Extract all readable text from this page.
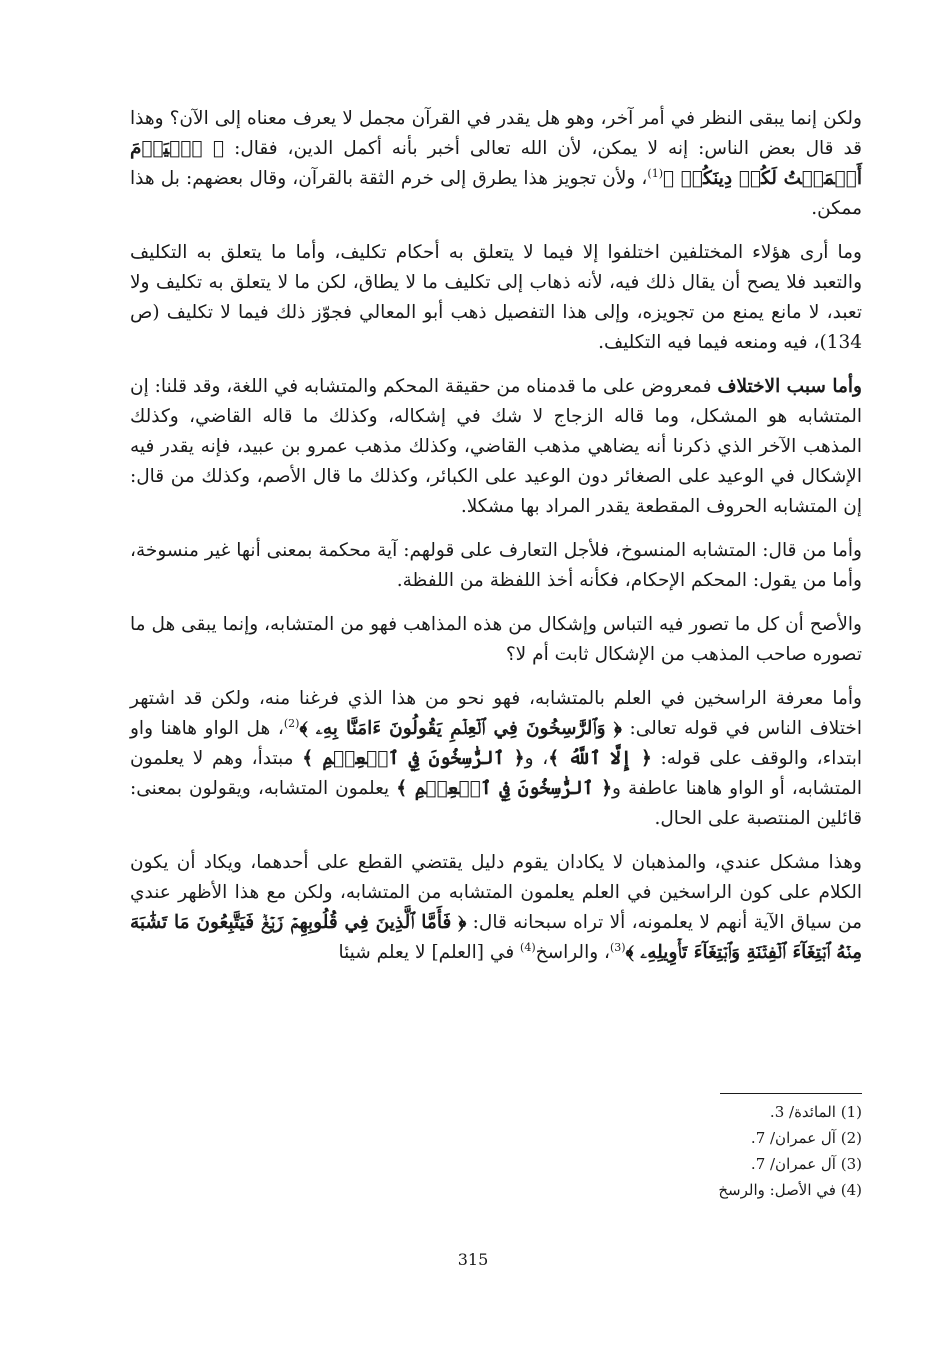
ولكن إنما يبقى النظر في أمر آخر، وهو هل يقدر في القرآن مجمل لا يعرف معناه إلى الآن؟ وهذا قد قال بعض الناس: إنه لا يمكن، لأن الله تعالى أخبر بأنه أكمل الدين، فقال: ﴿ ٱلۡيَوۡمَ أَكۡمَلۡتُ لَكُمۡ دِينَكُمۡ ﴾$^{(1)}$، ولأن تجويز هذا يطرق إلى خرم الثقة بالقرآن، وقال بعضهم: بل هذا ممكن.

وما أرى هؤلاء المختلفين اختلفوا إلا فيما لا يتعلق به أحكام تكليف، وأما ما يتعلق به التكليف والتعبد فلا يصح أن يقال ذلك فيه، لأنه ذهاب إلى تكليف ما لا يطاق، لكن ما لا يتعلق به تكليف ولا تعبد، لا مانع يمنع من تجويزه، وإلى هذا التفصيل ذهب أبو المعالي فجوّز ذلك فيما لا تكليف (ص 134)، فيه ومنعه فيما فيه التكليف.

وأما سبب الاختلاف فمعروض على ما قدمناه من حقيقة المحكم والمتشابه في اللغة، وقد قلنا: إن المتشابه هو المشكل، وما قاله الزجاج لا شك في إشكاله، وكذلك ما قاله القاضي، وكذلك المذهب الآخر الذي ذكرنا أنه يضاهي مذهب القاضي، وكذلك مذهب عمرو بن عبيد، فإنه يقدر فيه الإشكال في الوعيد على الصغائر دون الوعيد على الكبائر، وكذلك ما قال الأصم، وكذلك من قال: إن المتشابه الحروف المقطعة يقدر المراد بها مشكلا.

وأما من قال: المتشابه المنسوخ، فلأجل التعارف على قولهم: آية محكمة بمعنى أنها غير منسوخة، وأما من يقول: المحكم الإحكام، فكأنه أخذ اللفظة من اللفظة.

والأصح أن كل ما تصور فيه التباس وإشكال من هذه المذاهب فهو من المتشابه، وإنما يبقى هل ما تصوره صاحب المذهب من الإشكال ثابت أم لا؟

وأما معرفة الراسخين في العلم بالمتشابه، فهو نحو من هذا الذي فرغنا منه، ولكن قد اشتهر اختلاف الناس في قوله تعالى: ﴿ وَٱلرَّٰسِخُونَ فِي ٱلۡعِلۡمِ يَقُولُونَ ءَامَنَّا بِهِۦ ﴾$^{(2)}$، هل الواو هاهنا واو ابتداء، والوقف على قوله: ﴿ إِلَّا ٱللَّهُ ﴾، و﴿ ٱلرَّٰسِخُونَ فِي ٱلۡعِلۡمِ ﴾ مبتدأ، وهم لا يعلمون المتشابه، أو الواو هاهنا عاطفة و﴿ ٱلرَّٰسِخُونَ فِي ٱلۡعِلۡمِ ﴾ يعلمون المتشابه، ويقولون بمعنى: قائلين المنتصبة على الحال.

وهذا مشكل عندي، والمذهبان لا يكادان يقوم دليل يقتضي القطع على أحدهما، ويكاد أن يكون الكلام على كون الراسخين في العلم يعلمون المتشابه من المتشابه، ولكن مع هذا الأظهر عندي من سياق الآية أنهم لا يعلمونه، ألا تراه سبحانه قال: ﴿ فَأَمَّا ٱلَّذِينَ فِي قُلُوبِهِمۡ زَيۡغٞ فَيَتَّبِعُونَ مَا تَشَٰبَهَ مِنۡهُ ٱبۡتِغَآءَ ٱلۡفِتۡنَةِ وَٱبۡتِغَآءَ تَأۡوِيلِهِۦ ﴾$^{(3)}$، والراسخ$^{(4)}$ في [العلم] لا يعلم شيئا

(1) المائدة/ 3.
(2) آل عمران/ 7.
(3) آل عمران/ 7.
(4) في الأصل: والرسخ
315
